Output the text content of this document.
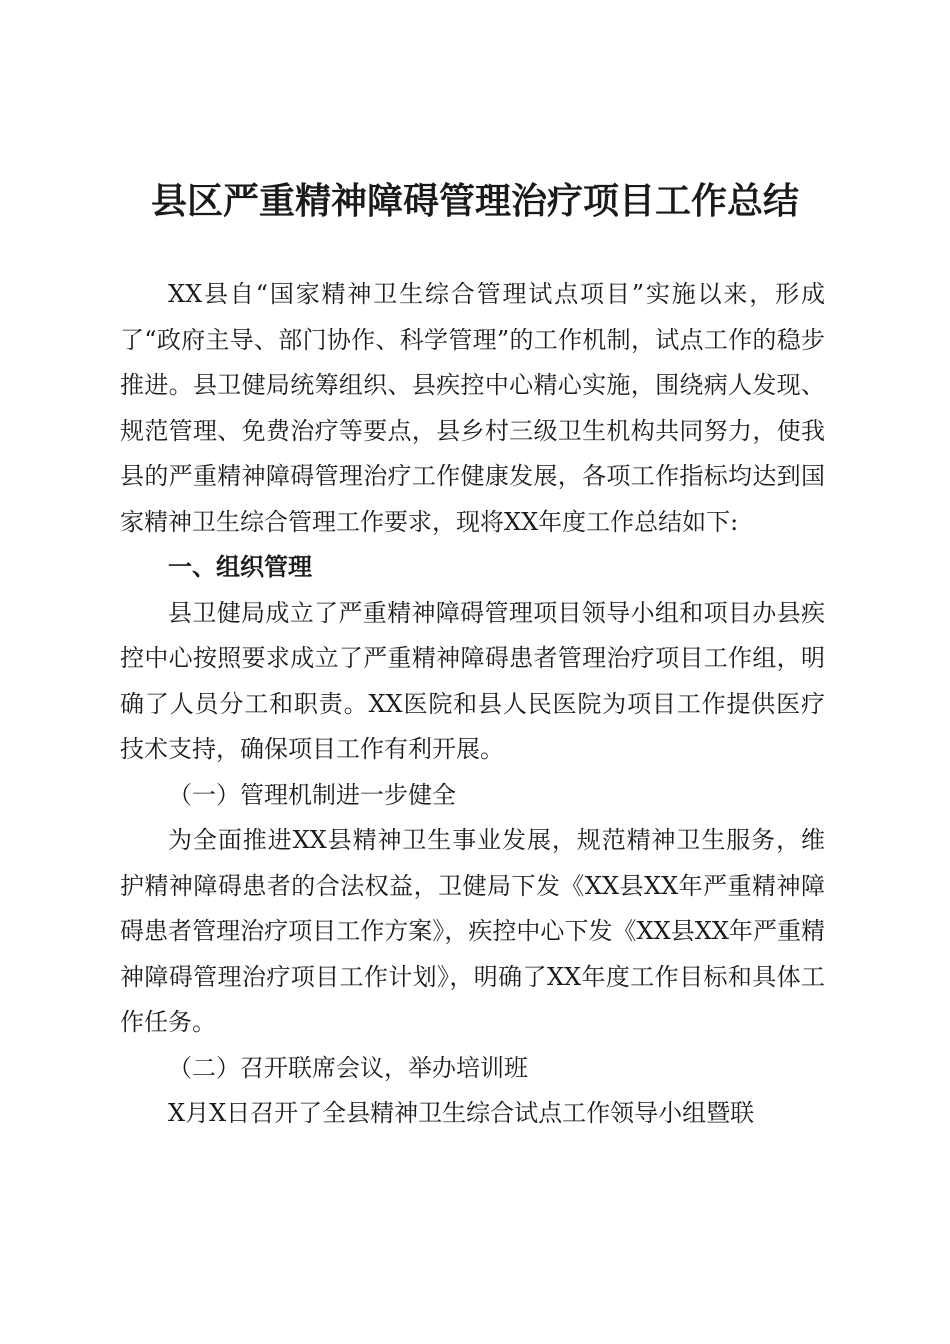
县区严重精神障碍管理治疗项目工作总结

XX县自“国家精神卫生综合管理试点项目”实施以来，形成了“政府主导、部门协作、科学管理”的工作机制，试点工作的稳步推进。县卫健局统筹组织、县疾控中心精心实施，围绕病人发现、规范管理、免费治疗等要点，县乡村三级卫生机构共同努力，使我县的严重精神障碍管理治疗工作健康发展，各项工作指标均达到国家精神卫生综合管理工作要求，现将XX年度工作总结如下:

一、组织管理

县卫健局成立了严重精神障碍管理项目领导小组和项目办县疾控中心按照要求成立了严重精神障碍患者管理治疗项目工作组，明确了人员分工和职责。XX医院和县人民医院为项目工作提供医疗技术支持，确保项目工作有利开展。

（一）管理机制进一步健全

为全面推进XX县精神卫生事业发展，规范精神卫生服务，维护精神障碍患者的合法权益，卫健局下发《XX县XX年严重精神障碍患者管理治疗项目工作方案》，疾控中心下发《XX县XX年严重精神障碍管理治疗项目工作计划》，明确了XX年度工作目标和具体工作任务。

（二）召开联席会议，举办培训班

X月X日召开了全县精神卫生综合试点工作领导小组暨联
